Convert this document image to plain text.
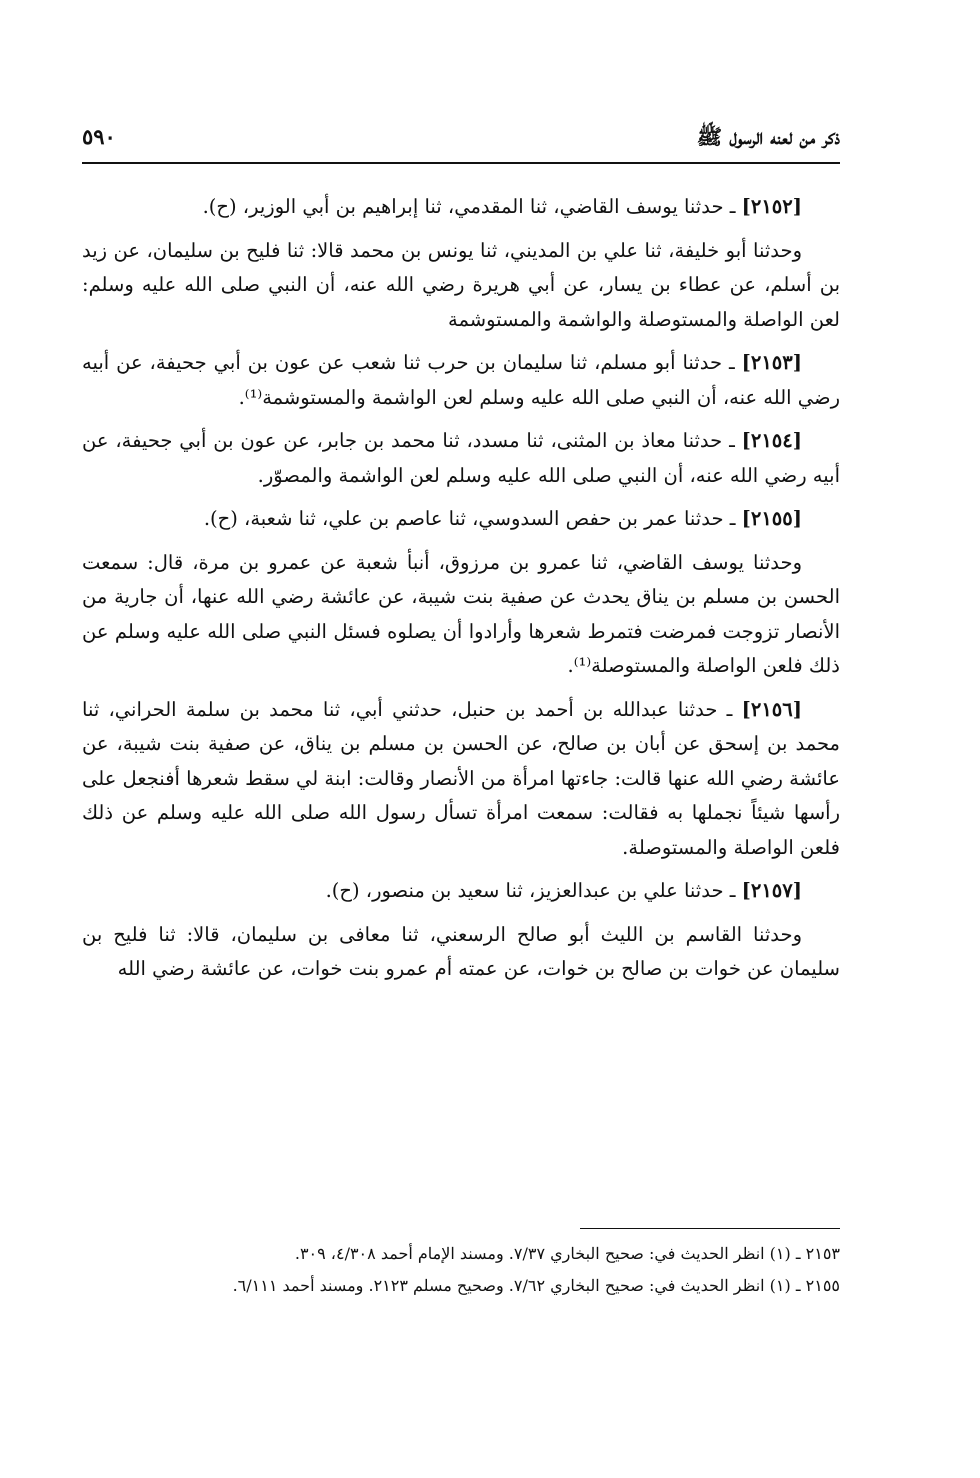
ذكر من لعنه الرسول ﷺ
٥٩٠

[٢١٥٢] ـ حدثنا يوسف القاضي، ثنا المقدمي، ثنا إبراهيم بن أبي الوزير، (ح).

وحدثنا أبو خليفة، ثنا علي بن المديني، ثنا يونس بن محمد قالا: ثنا فليح بن سليمان، عن زيد بن أسلم، عن عطاء بن يسار، عن أبي هريرة رضي الله عنه، أن النبي صلى الله عليه وسلم: لعن الواصلة والمستوصلة والواشمة والمستوشمة

[٢١٥٣] ـ حدثنا أبو مسلم، ثنا سليمان بن حرب ثنا شعب عن عون بن أبي جحيفة، عن أبيه رضي الله عنه، أن النبي صلى الله عليه وسلم لعن الواشمة والمستوشمة⁽¹⁾.

[٢١٥٤] ـ حدثنا معاذ بن المثنى، ثنا مسدد، ثنا محمد بن جابر، عن عون بن أبي جحيفة، عن أبيه رضي الله عنه، أن النبي صلى الله عليه وسلم لعن الواشمة والمصوّر.

[٢١٥٥] ـ حدثنا عمر بن حفص السدوسي، ثنا عاصم بن علي، ثنا شعبة، (ح).

وحدثنا يوسف القاضي، ثنا عمرو بن مرزوق، أنبأ شعبة عن عمرو بن مرة، قال: سمعت الحسن بن مسلم بن يناق يحدث عن صفية بنت شيبة، عن عائشة رضي الله عنها، أن جارية من الأنصار تزوجت فمرضت فتمرط شعرها وأرادوا أن يصلوه فسئل النبي صلى الله عليه وسلم عن ذلك فلعن الواصلة والمستوصلة⁽¹⁾.

[٢١٥٦] ـ حدثنا عبدالله بن أحمد بن حنبل، حدثني أبي، ثنا محمد بن سلمة الحراني، ثنا محمد بن إسحق عن أبان بن صالح، عن الحسن بن مسلم بن يناق، عن صفية بنت شيبة، عن عائشة رضي الله عنها قالت: جاءتها امرأة من الأنصار وقالت: ابنة لي سقط شعرها أفنجعل على رأسها شيئاً نجملها به فقالت: سمعت امرأة تسأل رسول الله صلى الله عليه وسلم عن ذلك فلعن الواصلة والمستوصلة.

[٢١٥٧] ـ حدثنا علي بن عبدالعزيز، ثنا سعيد بن منصور، (ح).

وحدثنا القاسم بن الليث أبو صالح الرسعني، ثنا معافى بن سليمان، قالا: ثنا فليح بن سليمان عن خوات بن صالح بن خوات، عن عمته أم عمرو بنت خوات، عن عائشة رضي الله

٢١٥٣ ـ (١) انظر الحديث في: صحيح البخاري ٧/٣٧. ومسند الإمام أحمد ٤/٣٠٨، ٣٠٩.

٢١٥٥ ـ (١) انظر الحديث في: صحيح البخاري ٧/٦٢. وصحيح مسلم ٢١٢٣. ومسند أحمد ٦/١١١.
